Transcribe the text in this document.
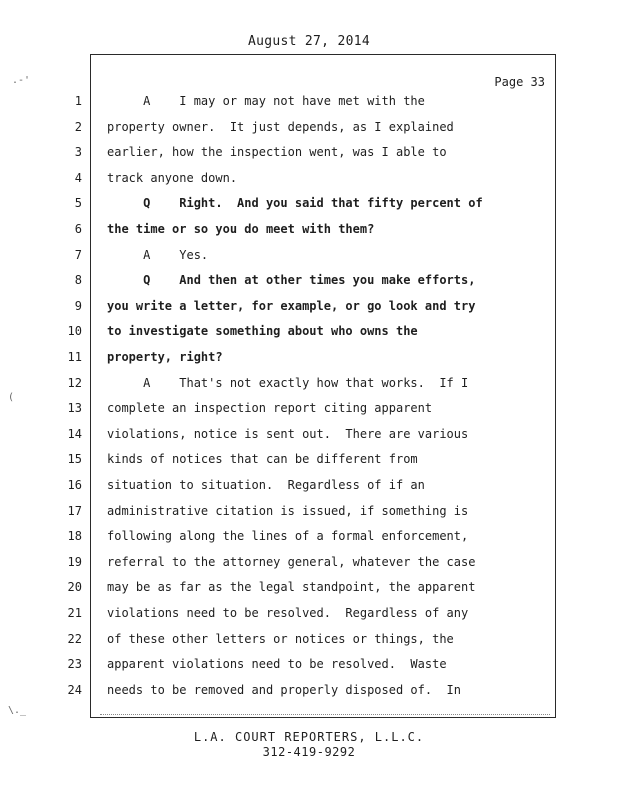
August 27, 2014
Page 33
1 A    I may or may not have met with the
2 property owner.  It just depends, as I explained
3 earlier, how the inspection went, was I able to
4 track anyone down.
5 Q    Right.  And you said that fifty percent of
6 the time or so you do meet with them?
7 A    Yes.
8 Q    And then at other times you make efforts,
9 you write a letter, for example, or go look and try
10 to investigate something about who owns the
11 property, right?
12 A    That's not exactly how that works.  If I
13 complete an inspection report citing apparent
14 violations, notice is sent out.  There are various
15 kinds of notices that can be different from
16 situation to situation.  Regardless of if an
17 administrative citation is issued, if something is
18 following along the lines of a formal enforcement,
19 referral to the attorney general, whatever the case
20 may be as far as the legal standpoint, the apparent
21 violations need to be resolved.  Regardless of any
22 of these other letters or notices or things, the
23 apparent violations need to be resolved.  Waste
24 needs to be removed and properly disposed of.  In
.-'
(
\._
L.A. COURT REPORTERS, L.L.C.
312-419-9292
